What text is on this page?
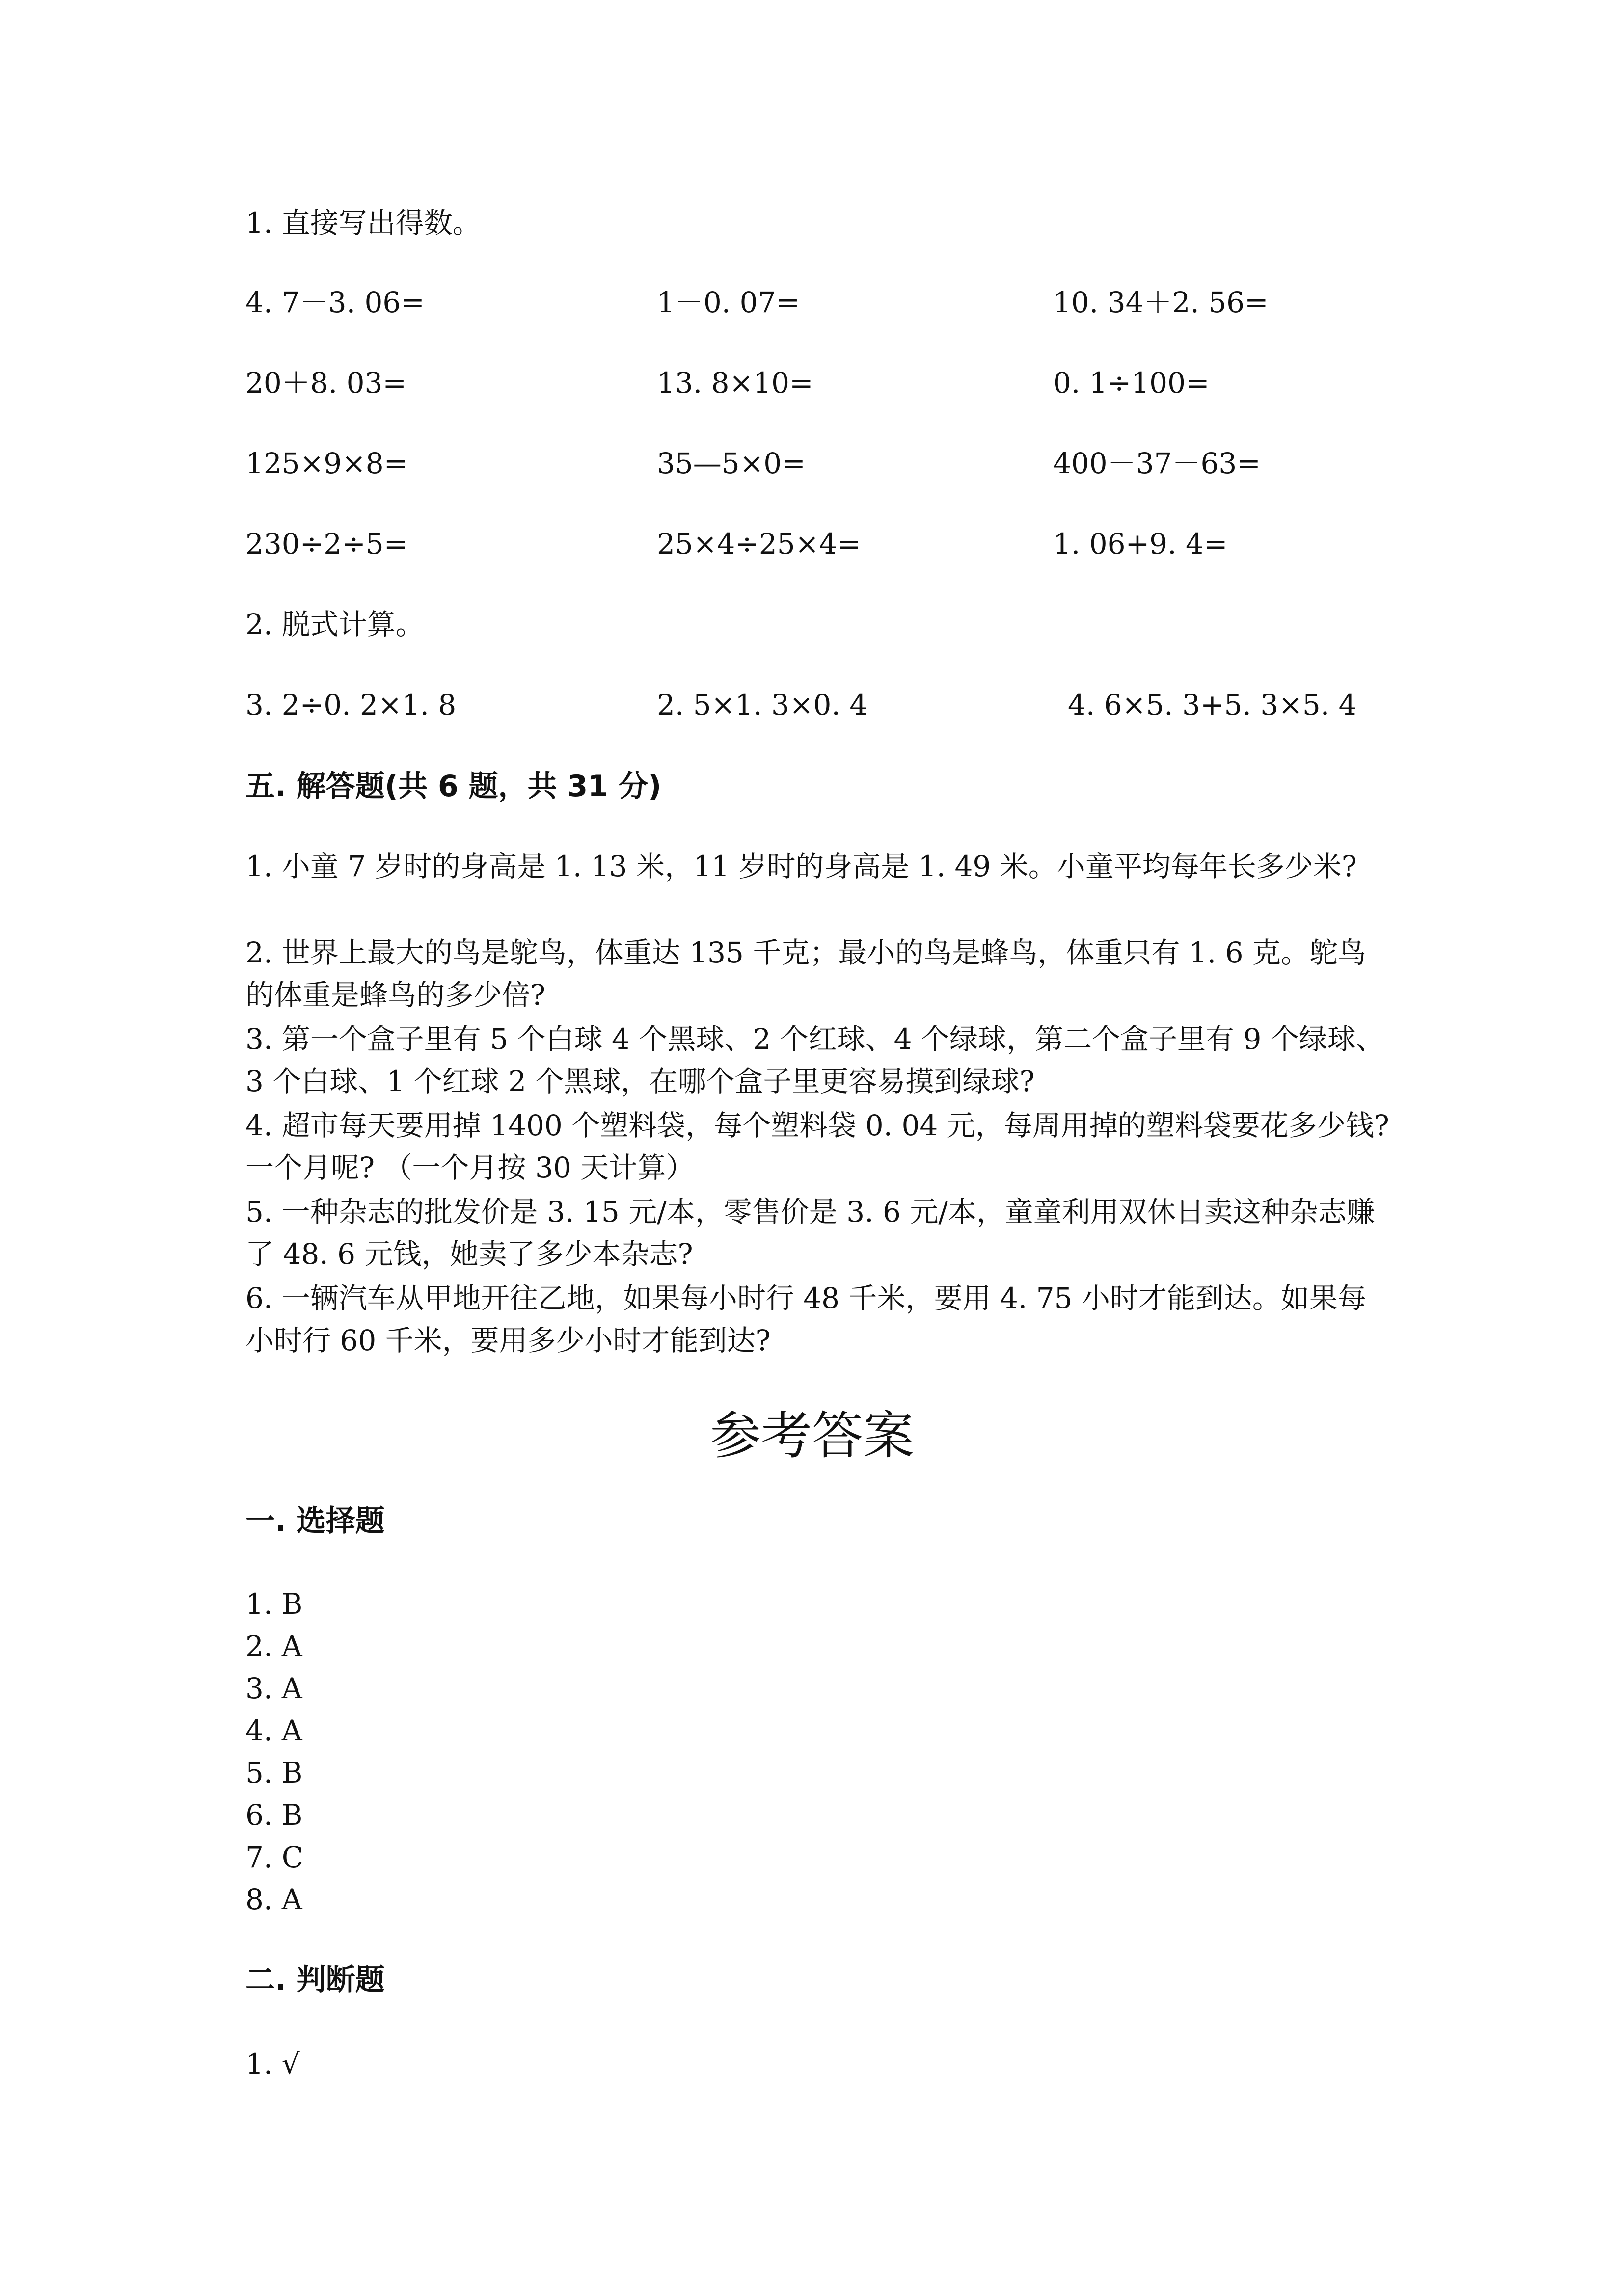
1. 直接写出得数。
4. 7－3. 06=	1－0. 07=	10. 34＋2. 56=
20＋8. 03=	13. 8×10=	0. 1÷100=
125×9×8=	35—5×0=	400－37－63=
230÷2÷5=	25×4÷25×4=	1. 06+9. 4=
2. 脱式计算。
3. 2÷0. 2×1. 8	2. 5×1. 3×0. 4	4. 6×5. 3+5. 3×5. 4
五. 解答题(共 6 题，共 31 分)
1. 小童 7 岁时的身高是 1. 13 米，11 岁时的身高是 1. 49 米。小童平均每年长多少米?
2. 世界上最大的鸟是鸵鸟，体重达 135 千克；最小的鸟是蜂鸟，体重只有 1. 6 克。鸵鸟的体重是蜂鸟的多少倍?
3. 第一个盒子里有 5 个白球 4 个黑球、2 个红球、4 个绿球，第二个盒子里有 9 个绿球、3 个白球、1 个红球 2 个黑球，在哪个盒子里更容易摸到绿球?
4. 超市每天要用掉 1400 个塑料袋，每个塑料袋 0. 04 元，每周用掉的塑料袋要花多少钱? 一个月呢? （一个月按 30 天计算）
5. 一种杂志的批发价是 3. 15 元/本，零售价是 3. 6 元/本，童童利用双休日卖这种杂志赚了 48. 6 元钱，她卖了多少本杂志?
6. 一辆汽车从甲地开往乙地，如果每小时行 48 千米，要用 4. 75 小时才能到达。如果每小时行 60 千米，要用多少小时才能到达?
参考答案
一. 选择题
1. B
2. A
3. A
4. A
5. B
6. B
7. C
8. A
二. 判断题
1. √
